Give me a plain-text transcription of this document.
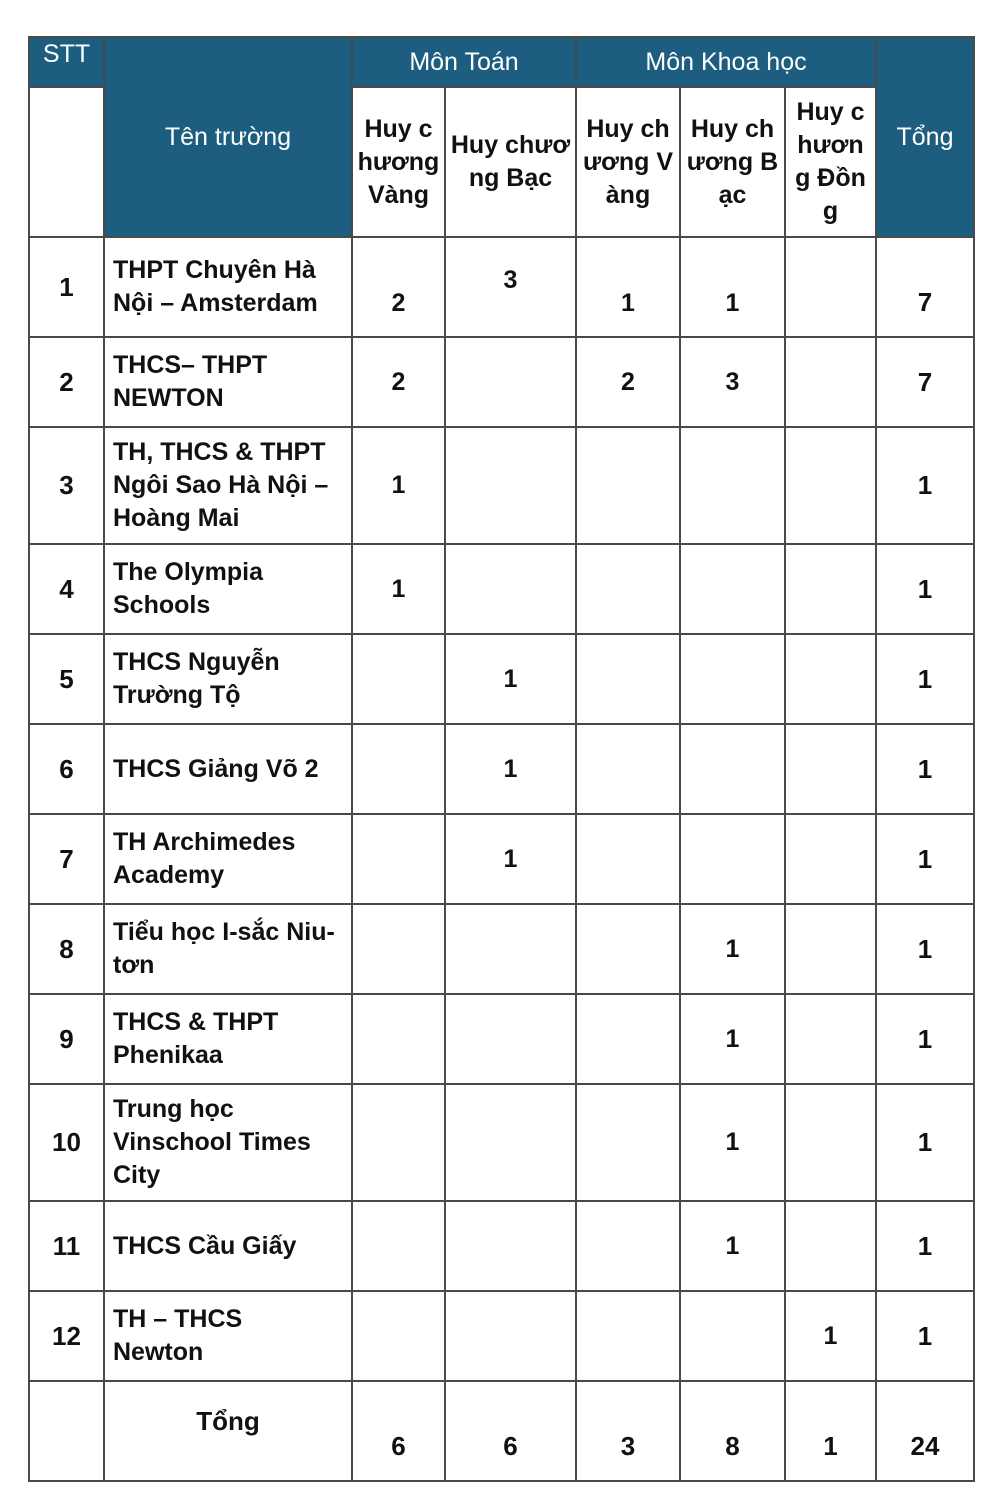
STT	Tên trường	Môn Toán		Môn Khoa học			Tổng

		Huy chương Vàng	Huy chương Bạc	Huy chương Vàng	Huy chương Bạc	Huy chương Đồng	

1	THPT Chuyên Hà Nội – Amsterdam	2	3	1	1		7
2	THCS– THPT NEWTON	2		2	3		7
3	TH, THCS & THPT Ngôi Sao Hà Nội – Hoàng Mai	1					1
4	The Olympia Schools	1					1
5	THCS Nguyễn Trường Tộ		1				1
6	THCS Giảng Võ 2		1				1
7	TH Archimedes Academy		1				1
8	Tiểu học I-sắc Niu-tơn				1		1
9	THCS & THPT Phenikaa				1		1
10	Trung học Vinschool Times City				1		1
11	THCS Cầu Giấy				1		1
12	TH – THCS Newton					1	1
	Tổng	6	6	3	8	1	24
